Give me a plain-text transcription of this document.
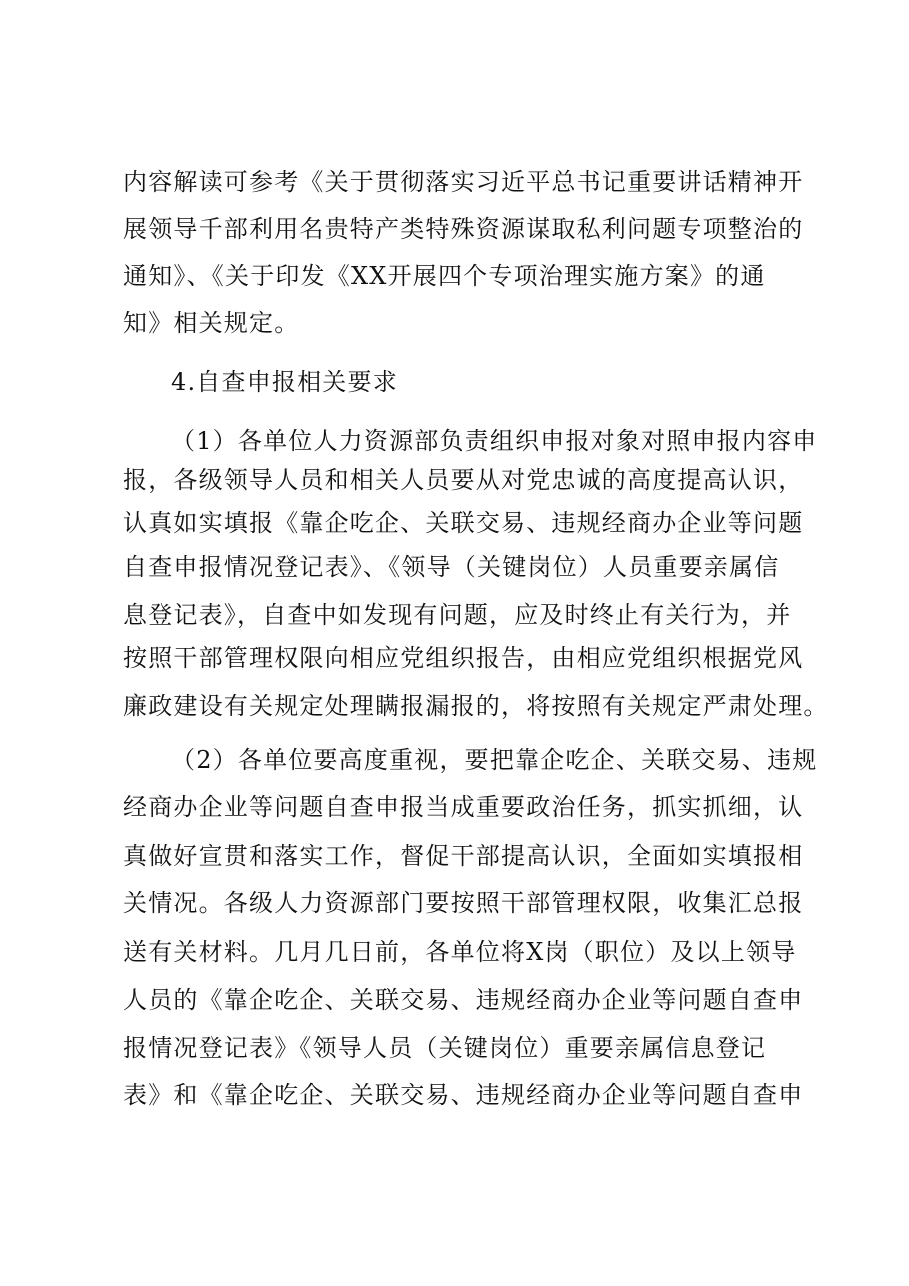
内容解读可参考《关于贯彻落实习近平总书记重要讲话精神开
展领导千部利用名贵特产类特殊资源谋取私利问题专项整治的
通知》、《关于印发《XX开展四个专项治理实施方案》的通
知》相关规定。
4.自查申报相关要求
（1）各单位人力资源部负责组织申报对象对照申报内容申
报，各级领导人员和相关人员要从对党忠诚的高度提高认识，
认真如实填报《靠企吃企、关联交易、违规经商办企业等问题
自查申报情况登记表》、《领导（关键岗位）人员重要亲属信
息登记表》，自查中如发现有问题，应及时终止有关行为，并
按照干部管理权限向相应党组织报告，由相应党组织根据党风
廉政建设有关规定处理瞒报漏报的，将按照有关规定严肃处理。
（2）各单位要高度重视，要把靠企吃企、关联交易、违规
经商办企业等问题自查申报当成重要政治任务，抓实抓细，认
真做好宣贯和落实工作，督促干部提高认识，全面如实填报相
关情况。各级人力资源部门要按照干部管理权限，收集汇总报
送有关材料。几月几日前，各单位将X岗（职位）及以上领导
人员的《靠企吃企、关联交易、违规经商办企业等问题自查申
报情况登记表》《领导人员（关键岗位）重要亲属信息登记
表》和《靠企吃企、关联交易、违规经商办企业等问题自查申
